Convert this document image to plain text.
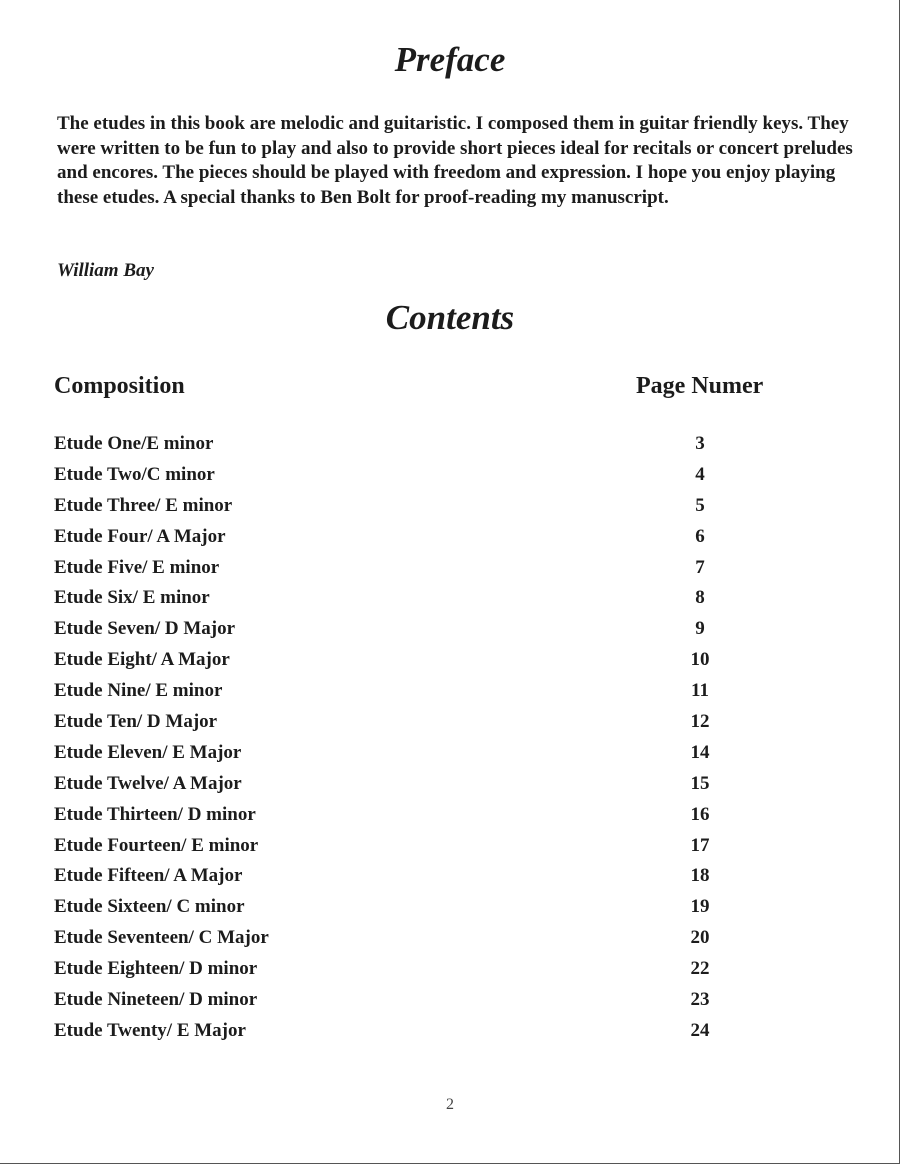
Preface

The etudes in this book are melodic and guitaristic. I composed them in guitar friendly keys. They were written to be fun to play and also to provide short pieces ideal for recitals or concert preludes and encores. The pieces should be played with freedom and expression. I hope you enjoy playing these etudes. A special thanks to Ben Bolt for proof-reading my manuscript.

William Bay

Contents
Composition	Page Numer
Etude One/E minor	3
Etude Two/C minor	4
Etude Three/ E minor	5
Etude Four/ A Major	6
Etude Five/ E minor	7
Etude Six/ E minor	8
Etude Seven/ D Major	9
Etude Eight/ A Major	10
Etude Nine/ E minor	11
Etude Ten/ D Major	12
Etude Eleven/ E Major	14
Etude Twelve/ A Major	15
Etude Thirteen/ D minor	16
Etude Fourteen/ E minor	17
Etude Fifteen/ A Major	18
Etude Sixteen/ C minor	19
Etude Seventeen/ C Major	20
Etude Eighteen/ D minor	22
Etude Nineteen/ D minor	23
Etude Twenty/ E Major	24
2
